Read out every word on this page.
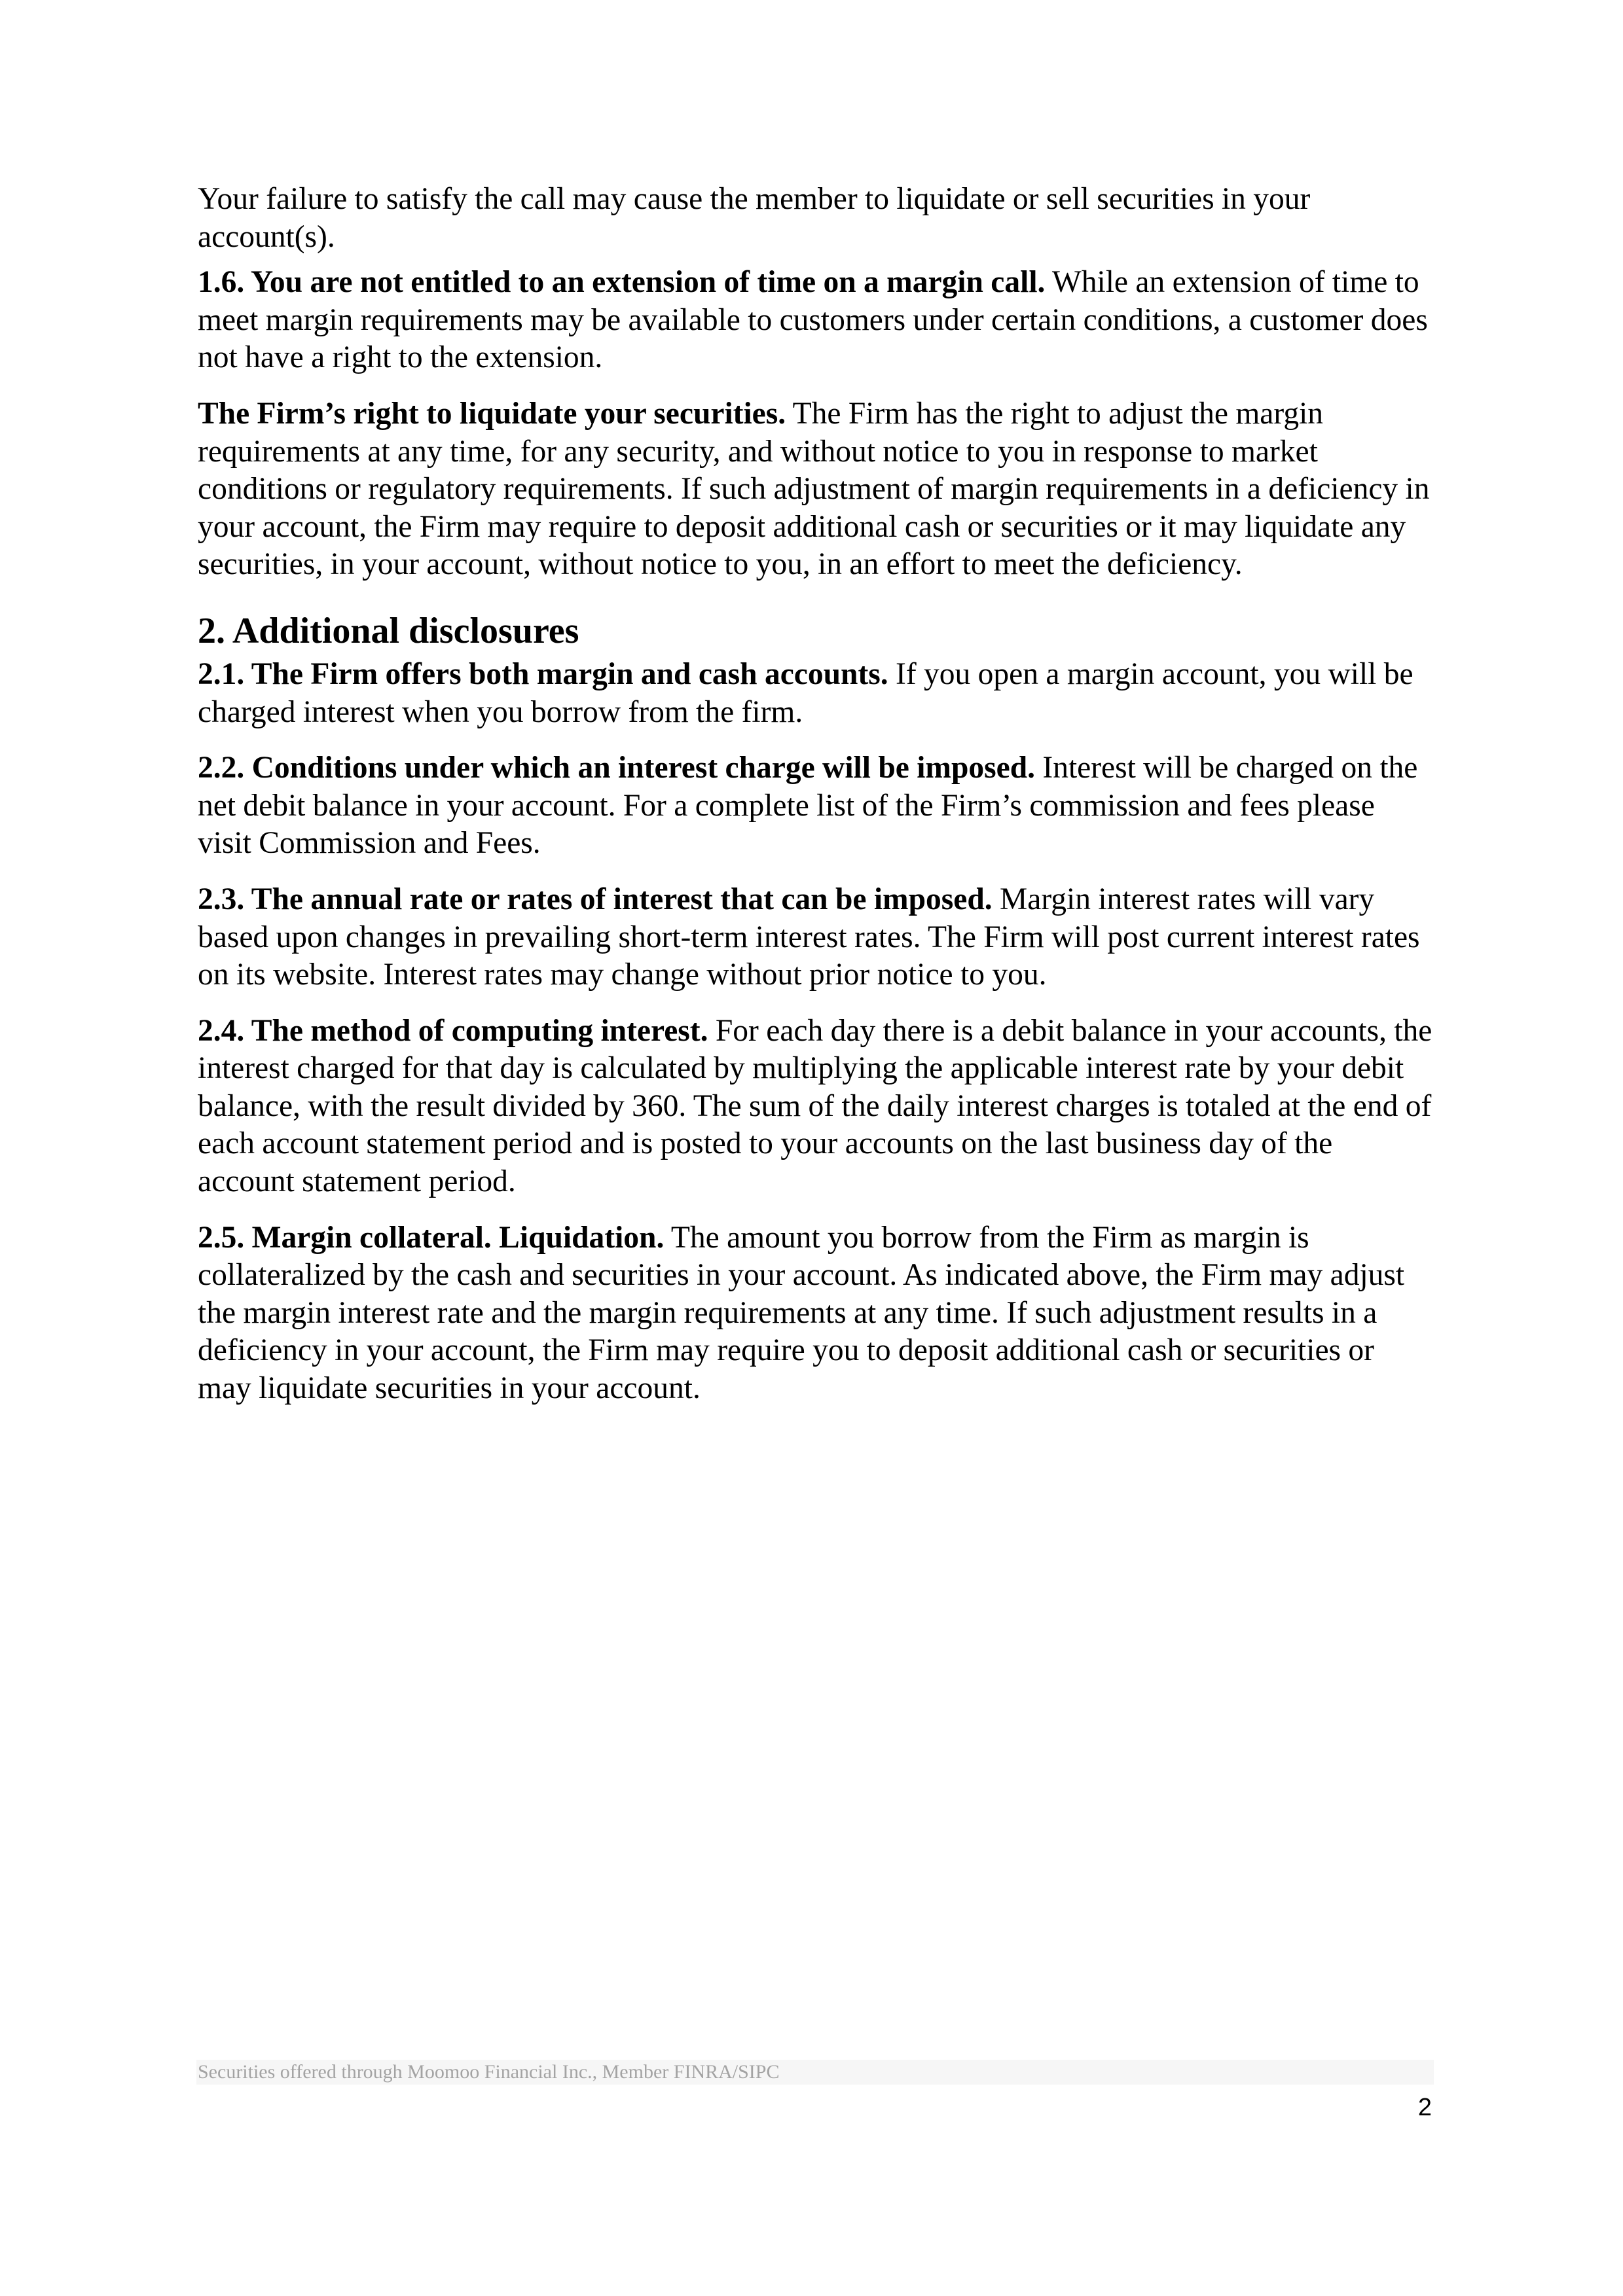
Your failure to satisfy the call may cause the member to liquidate or sell securities in your account(s).

1.6. You are not entitled to an extension of time on a margin call. While an extension of time to meet margin requirements may be available to customers under certain conditions, a customer does not have a right to the extension.

The Firm’s right to liquidate your securities. The Firm has the right to adjust the margin requirements at any time, for any security, and without notice to you in response to market conditions or regulatory requirements. If such adjustment of margin requirements in a deficiency in your account, the Firm may require to deposit additional cash or securities or it may liquidate any securities, in your account, without notice to you, in an effort to meet the deficiency.

2. Additional disclosures

2.1. The Firm offers both margin and cash accounts. If you open a margin account, you will be charged interest when you borrow from the firm.

2.2. Conditions under which an interest charge will be imposed. Interest will be charged on the net debit balance in your account. For a complete list of the Firm’s commission and fees please visit Commission and Fees.

2.3. The annual rate or rates of interest that can be imposed. Margin interest rates will vary based upon changes in prevailing short-term interest rates. The Firm will post current interest rates on its website. Interest rates may change without prior notice to you.

2.4. The method of computing interest. For each day there is a debit balance in your accounts, the interest charged for that day is calculated by multiplying the applicable interest rate by your debit balance, with the result divided by 360. The sum of the daily interest charges is totaled at the end of each account statement period and is posted to your accounts on the last business day of the account statement period.

2.5. Margin collateral. Liquidation. The amount you borrow from the Firm as margin is collateralized by the cash and securities in your account. As indicated above, the Firm may adjust the margin interest rate and the margin requirements at any time. If such adjustment results in a deficiency in your account, the Firm may require you to deposit additional cash or securities or may liquidate securities in your account.

Securities offered through Moomoo Financial Inc., Member FINRA/SIPC
2
